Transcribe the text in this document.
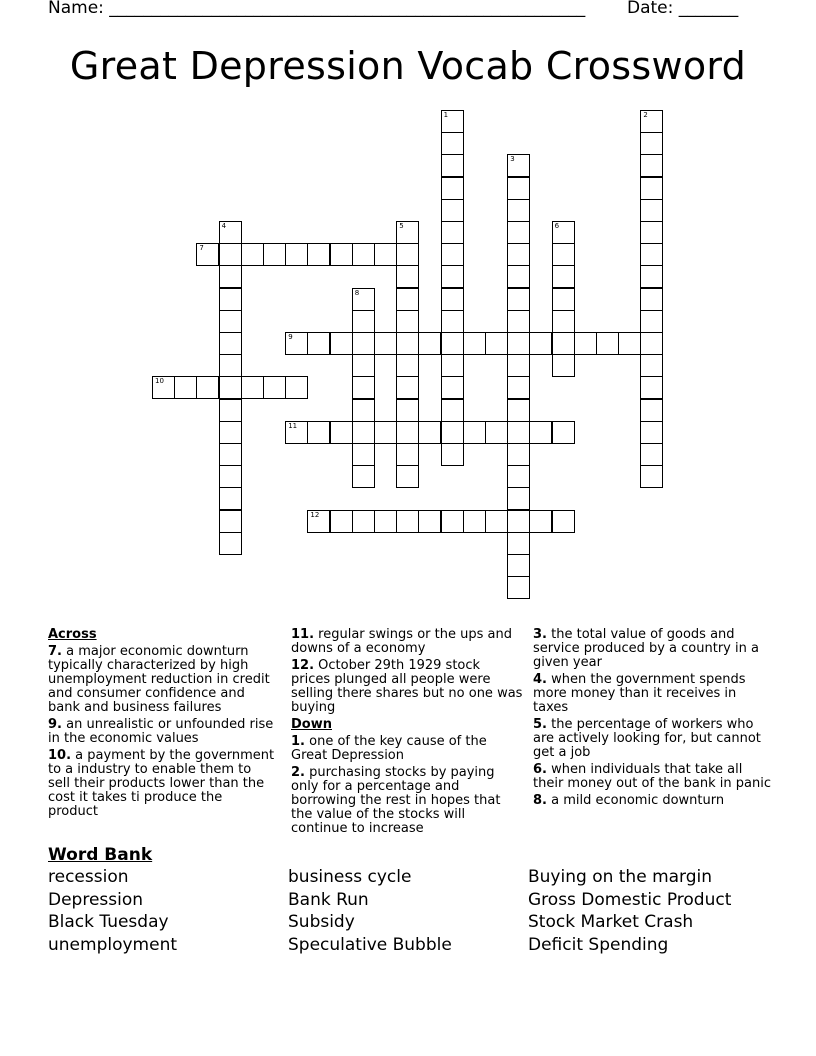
Name: ________________________________________________________ Date: _______
Great Depression Vocab Crossword
1	2
3
4	5	6
7
8
9
10
11
12
Across
7. a major economic downturn typically characterized by high unemployment reduction in credit and consumer confidence and bank and business failures
9. an unrealistic or unfounded rise in the economic values
10. a payment by the government to a industry to enable them to sell their products lower than the cost it takes ti produce the product
11. regular swings or the ups and downs of a economy
12. October 29th 1929 stock prices plunged all people were selling there shares but no one was buying
Down
1. one of the key cause of the Great Depression
2. purchasing stocks by paying only for a percentage and borrowing the rest in hopes that the value of the stocks will continue to increase
3. the total value of goods and service produced by a country in a given year
4. when the government spends more money than it receives in taxes
5. the percentage of workers who are actively looking for, but cannot get a job
6. when individuals that take all their money out of the bank in panic
8. a mild economic downturn
Word Bank
recession	business cycle	Buying on the margin
Depression	Bank Run	Gross Domestic Product
Black Tuesday	Subsidy	Stock Market Crash
unemployment	Speculative Bubble	Deficit Spending
